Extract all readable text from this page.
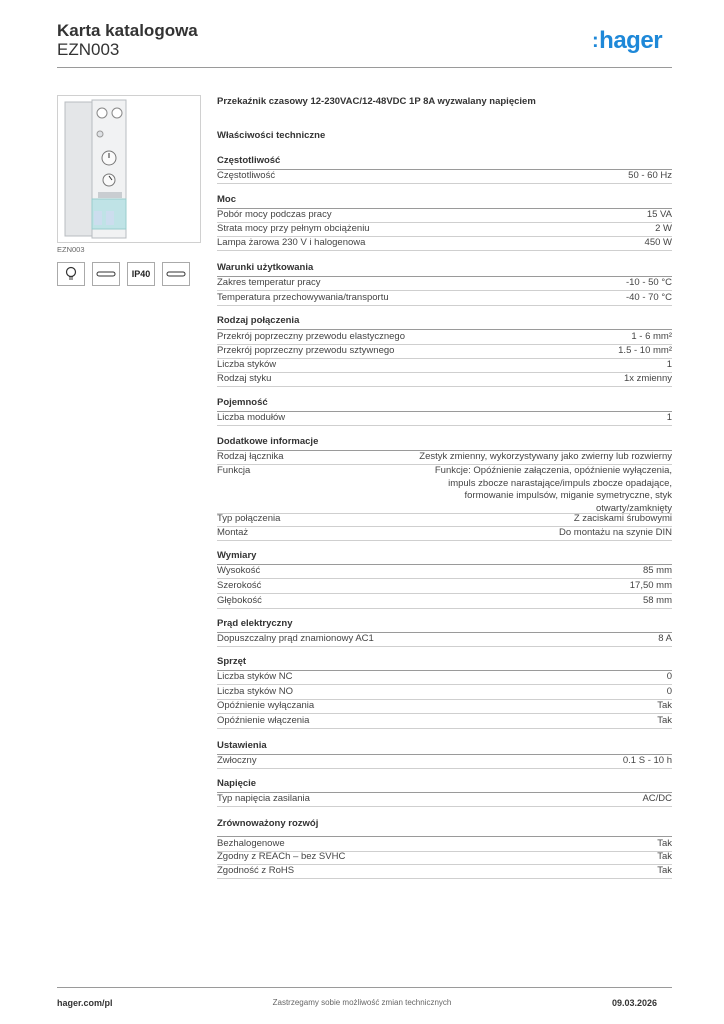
Karta katalogowa
EZN003	:hager
EZN003
IP40
Przekaźnik czasowy 12-230VAC/12-48VDC 1P 8A wyzwalany napięciem
Właściwości techniczne
Częstotliwość
Częstotliwość	50 - 60 Hz
Moc
Pobór mocy podczas pracy	15 VA
Strata mocy przy pełnym obciążeniu	2 W
Lampa żarowa 230 V i halogenowa	450 W
Warunki użytkowania
Zakres temperatur pracy	-10 - 50 °C
Temperatura przechowywania/transportu	-40 - 70 °C
Rodzaj połączenia
Przekrój poprzeczny przewodu elastycznego	1 - 6 mm²
Przekrój poprzeczny przewodu sztywnego	1.5 - 10 mm²
Liczba styków	1
Rodzaj styku	1x zmienny
Pojemność
Liczba modułów	1
Dodatkowe informacje
Rodzaj łącznika	Zestyk zmienny, wykorzystywany jako zwierny lub rozwierny
Funkcja	Funkcje: Opóźnienie załączenia, opóźnienie wyłączenia, impuls zbocze narastające/impuls zbocze opadające, formowanie impulsów, miganie symetryczne, styk otwarty/zamknięty
Typ połączenia	Z zaciskami śrubowymi
Montaż	Do montażu na szynie DIN
Wymiary
Wysokość	85 mm
Szerokość	17,50 mm
Głębokość	58 mm
Prąd elektryczny
Dopuszczalny prąd znamionowy AC1	8 A
Sprzęt
Liczba styków NC	0
Liczba styków NO	0
Opóźnienie wyłączania	Tak
Opóźnienie włączenia	Tak
Ustawienia
Zwłoczny	0.1 S - 10 h
Napięcie
Typ napięcia zasilania	AC/DC
Zrównoważony rozwój
Bezhalogenowe	Tak
Zgodny z REACh – bez SVHC	Tak
Zgodność z RoHS	Tak
hager.com/pl	Zastrzegamy sobie możliwość zmian technicznych	09.03.2026
